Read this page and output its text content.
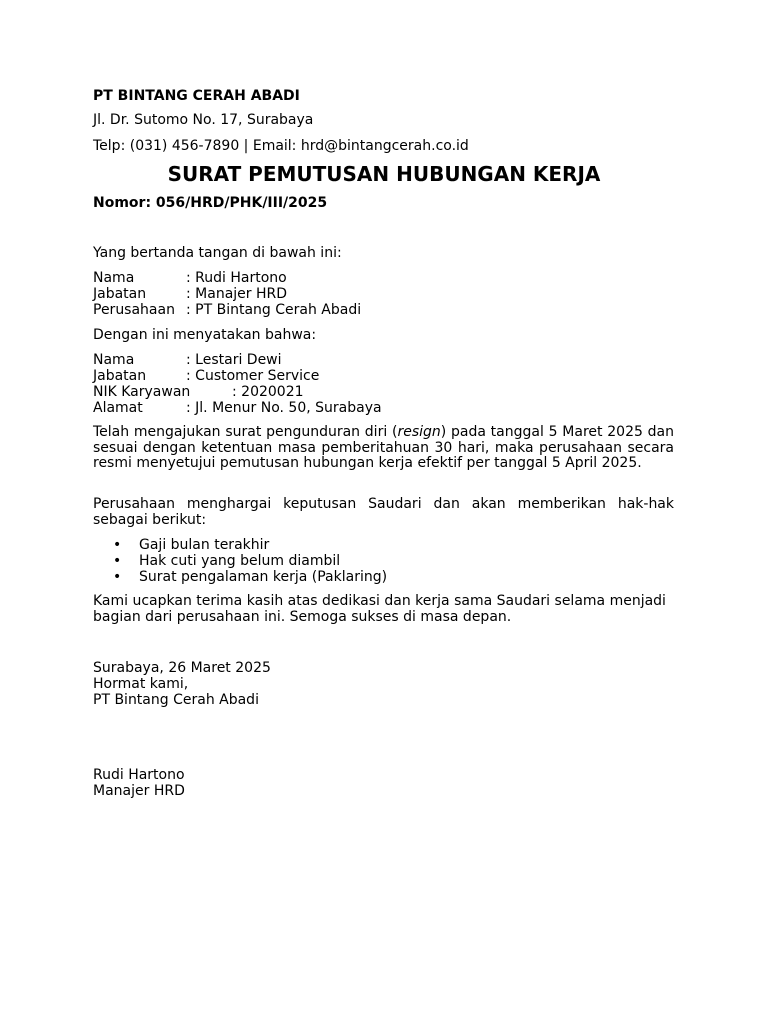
PT BINTANG CERAH ABADI
Jl. Dr. Sutomo No. 17, Surabaya
Telp: (031) 456-7890 | Email: hrd@bintangcerah.co.id
SURAT PEMUTUSAN HUBUNGAN KERJA
Nomor: 056/HRD/PHK/III/2025
Yang bertanda tangan di bawah ini:
Nama	: Rudi Hartono
Jabatan	: Manajer HRD
Perusahaan : PT Bintang Cerah Abadi
Dengan ini menyatakan bahwa:
Nama	: Lestari Dewi
Jabatan	: Customer Service
NIK Karyawan	: 2020021
Alamat	: Jl. Menur No. 50, Surabaya
Telah mengajukan surat pengunduran diri (resign) pada tanggal 5 Maret 2025 dan sesuai dengan ketentuan masa pemberitahuan 30 hari, maka perusahaan secara resmi menyetujui pemutusan hubungan kerja efektif per tanggal 5 April 2025.
Perusahaan menghargai keputusan Saudari dan akan memberikan hak-hak sebagai berikut:
• Gaji bulan terakhir
• Hak cuti yang belum diambil
• Surat pengalaman kerja (Paklaring)
Kami ucapkan terima kasih atas dedikasi dan kerja sama Saudari selama menjadi bagian dari perusahaan ini. Semoga sukses di masa depan.
Surabaya, 26 Maret 2025
Hormat kami,
PT Bintang Cerah Abadi
Rudi Hartono
Manajer HRD
